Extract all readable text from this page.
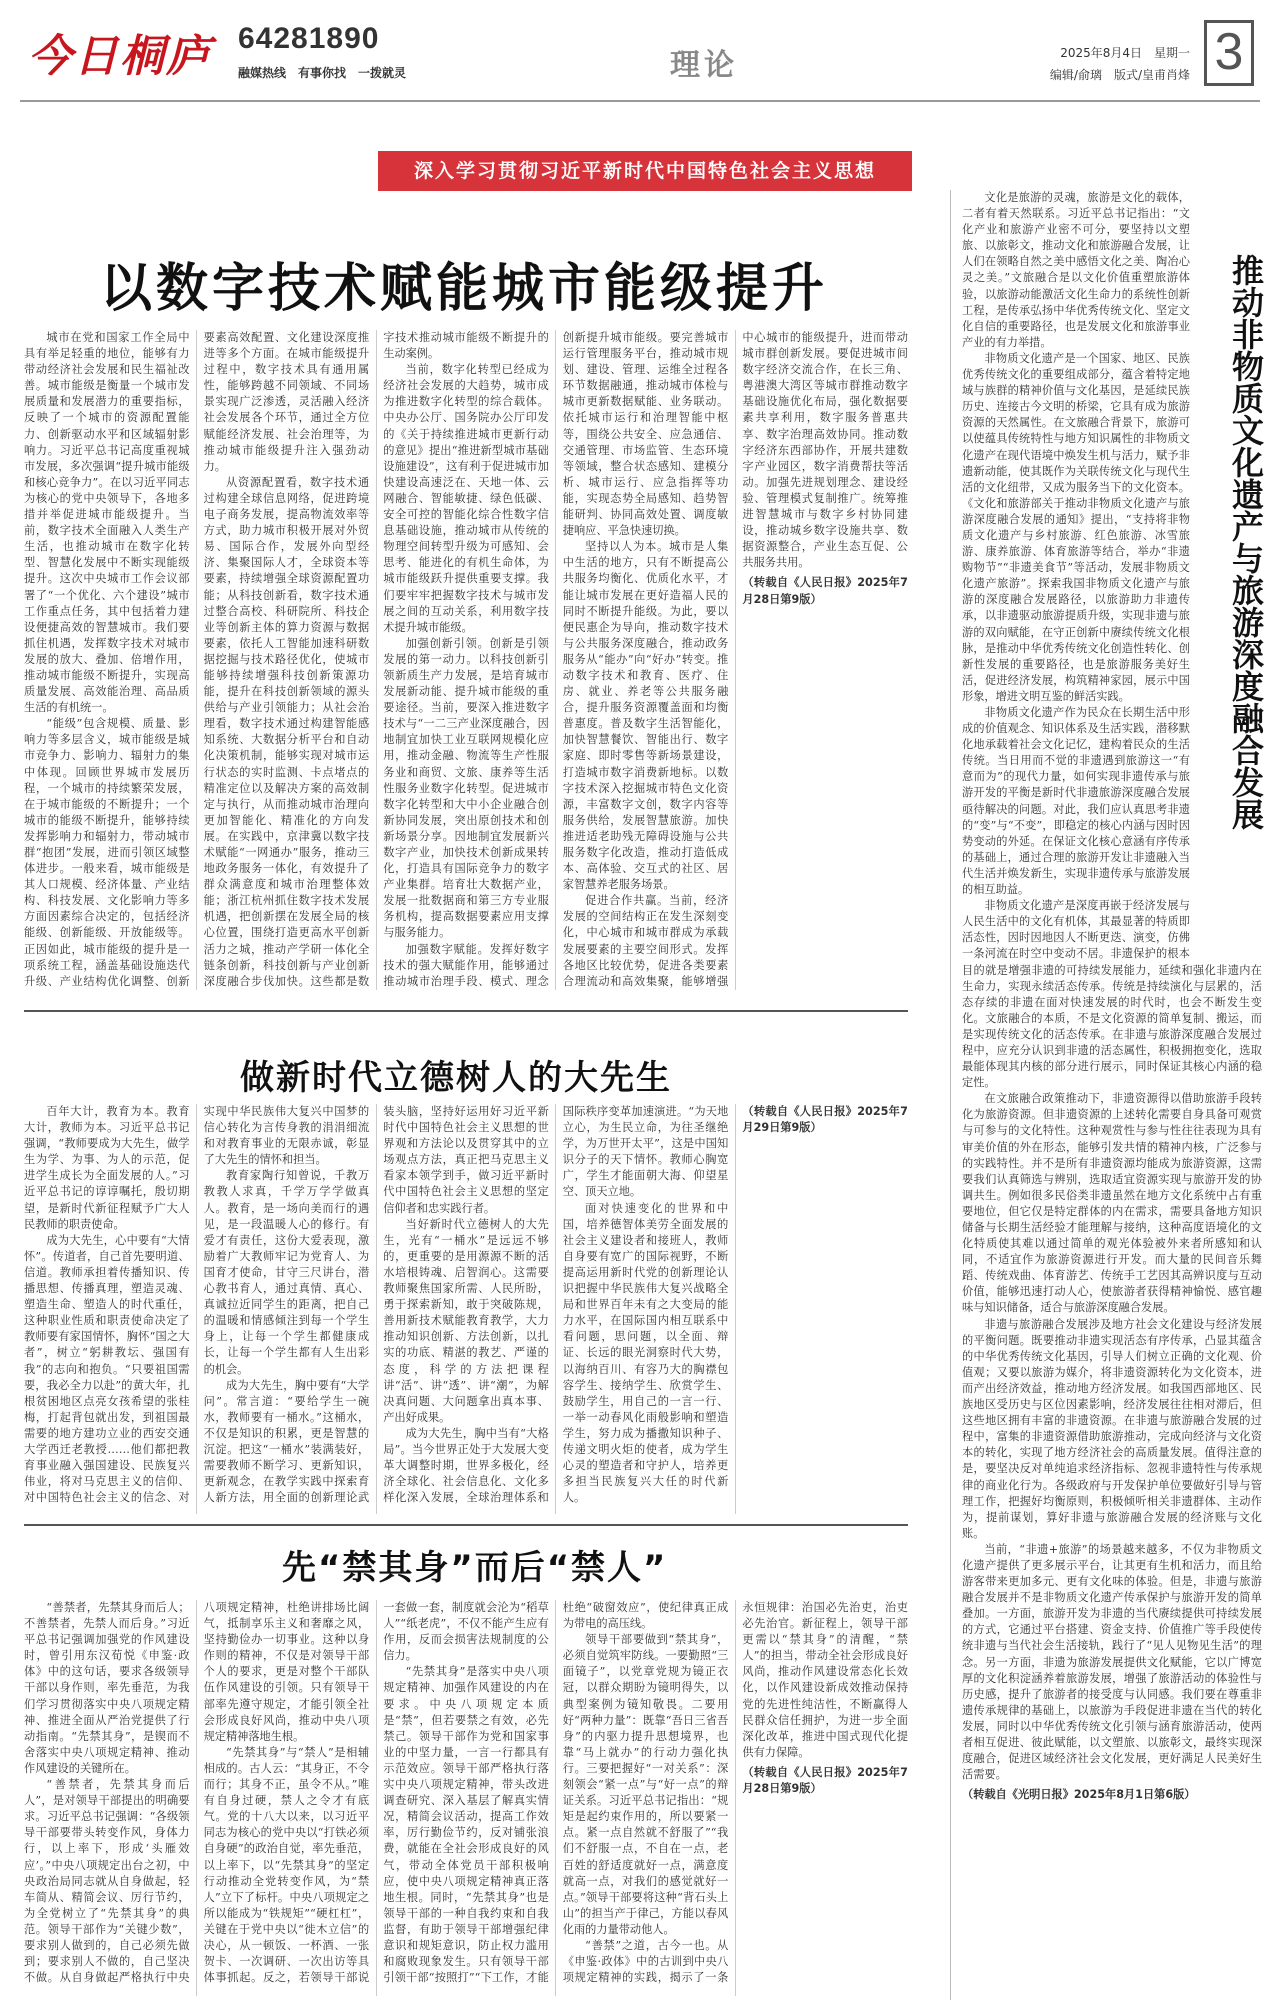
今日桐庐 64281890
融媒热线　有事你找　一拨就灵	理论	2025年8月4日　星期一
编辑/俞璃　版式/皇甫肖烽 3
深入学习贯彻习近平新时代中国特色社会主义思想
以数字技术赋能城市能级提升

城市在党和国家工作全局中具有举足轻重的地位，能够有力带动经济社会发展和民生福祉改善。城市能级是衡量一个城市发展质量和发展潜力的重要指标，反映了一个城市的资源配置能力、创新驱动水平和区域辐射影响力。习近平总书记高度重视城市发展，多次强调“提升城市能级和核心竞争力”。在以习近平同志为核心的党中央领导下，各地多措并举促进城市能级提升。当前，数字技术全面融入人类生产生活，也推动城市在数字化转型、智慧化发展中不断实现能级提升。这次中央城市工作会议部署了“一个优化、六个建设”城市工作重点任务，其中包括着力建设便捷高效的智慧城市。我们要抓住机遇，发挥数字技术对城市发展的放大、叠加、倍增作用，推动城市能级不断提升，实现高质量发展、高效能治理、高品质生活的有机统一。

“能级”包含规模、质量、影响力等多层含义，城市能级是城市竞争力、影响力、辐射力的集中体现。回顾世界城市发展历程，一个城市的持续繁荣发展，在于城市能级的不断提升；一个城市的能级不断提升，能够持续发挥影响力和辐射力，带动城市群“抱团”发展，进而引领区域整体进步。一般来看，城市能级是其人口规模、经济体量、产业结构、科技发展、文化影响力等多方面因素综合决定的，包括经济能级、创新能级、开放能级等。正因如此，城市能级的提升是一项系统工程，涵盖基础设施迭代升级、产业结构优化调整、创新要素高效配置、文化建设深度推进等多个方面。在城市能级提升过程中，数字技术具有通用属性，能够跨越不同领域、不同场景实现广泛渗透，灵活融入经济社会发展各个环节，通过全方位赋能经济发展、社会治理等，为推动城市能级提升注入强劲动力。

从资源配置看，数字技术通过构建全球信息网络，促进跨境电子商务发展，提高物流效率等方式，助力城市积极开展对外贸易、国际合作，发展外向型经济、集聚国际人才，全球资本等要素，持续增强全球资源配置功能；从科技创新看，数字技术通过整合高校、科研院所、科技企业等创新主体的算力资源与数据要素，依托人工智能加速科研数据挖掘与技术路径优化，使城市能够持续增强科技创新策源功能，提升在科技创新领域的源头供给与产业引领能力；从社会治理看，数字技术通过构建智能感知系统、大数据分析平台和自动化决策机制，能够实现对城市运行状态的实时监测、卡点堵点的精准定位以及解决方案的高效制定与执行，从而推动城市治理向更加智能化、精准化的方向发展。在实践中，京津冀以数字技术赋能“一网通办”服务，推动三地政务服务一体化，有效提升了群众满意度和城市治理整体效能；浙江杭州抓住数字技术发展机遇，把创新摆在发展全局的核心位置，围绕打造更高水平创新活力之城，推动产学研一体化全链条创新，科技创新与产业创新深度融合步伐加快。这些都是数字技术推动城市能级不断提升的生动案例。

当前，数字化转型已经成为经济社会发展的大趋势，城市成为推进数字化转型的综合载体。中央办公厅、国务院办公厅印发的《关于持续推进城市更新行动的意见》提出“推进新型城市基础设施建设”，这有利于促进城市加快建设高速泛在、天地一体、云网融合、智能敏捷、绿色低碳、安全可控的智能化综合性数字信息基础设施，推动城市从传统的物理空间转型升级为可感知、会思考、能进化的有机生命体，为城市能级跃升提供重要支撑。我们要牢牢把握数字技术与城市发展之间的互动关系，利用数字技术提升城市能级。

加强创新引领。创新是引领发展的第一动力。以科技创新引领新质生产力发展，是培育城市发展新动能、提升城市能级的重要途径。当前，要深入推进数字技术与“一二三产业深度融合，因地制宜加快工业互联网规模化应用，推动金融、物流等生产性服务业和商贸、文旅、康养等生活性服务业数字化转型。促进城市数字化转型和大中小企业融合创新协同发展，突出原创技术和创新场景分享。因地制宜发展新兴数字产业，加快技术创新成果转化，打造具有国际竞争力的数字产业集群。培育壮大数据产业，发展一批数据商和第三方专业服务机构，提高数据要素应用支撑与服务能力。

加强数字赋能。发挥好数字技术的强大赋能作用，能够通过推动城市治理手段、模式、理念创新提升城市能级。要完善城市运行管理服务平台，推动城市规划、建设、管理、运维全过程各环节数据融通，推动城市体检与城市更新数据赋能、业务联动。依托城市运行和治理智能中枢等，围绕公共安全、应急通信、交通管理、市场监管、生态环境等领域，整合状态感知、建模分析、城市运行、应急指挥等功能，实现态势全局感知、趋势智能研判、协同高效处置、调度敏捷响应、平急快速切换。

坚持以人为本。城市是人集中生活的地方，只有不断提高公共服务均衡化、优质化水平，才能让城市发展在更好造福人民的同时不断提升能级。为此，要以便民惠企为导向，推动数字技术与公共服务深度融合，推动政务服务从“能办”向“好办”转变。推动数字技术和教育、医疗、住房、就业、养老等公共服务融合，提升服务资源覆盖面和均衡普惠度。普及数字生活智能化，加快智慧餐饮、智能出行、数字家庭、即时零售等新场景建设，打造城市数字消费新地标。以数字技术深入挖掘城市特色文化资源，丰富数字文创，数字内容等服务供给，发展智慧旅游。加快推进适老助残无障碍设施与公共服务数字化改造，推动打造低成本、高体验、交互式的社区、居家智慧养老服务场景。

促进合作共赢。当前，经济发展的空间结构正在发生深刻变化，中心城市和城市群成为承载发展要素的主要空间形式。发挥各地区比较优势，促进各类要素合理流动和高效集聚，能够增强中心城市的能级提升，进而带动城市群创新发展。要促进城市间数字经济交流合作，在长三角、粤港澳大湾区等城市群推动数字基础设施优化布局，强化数据要素共享利用，数字服务普惠共享、数字治理高效协同。推动数字经济东西部协作，开展共建数字产业园区，数字消费帮扶等活动。加强先进规划理念、建设经验、管理模式复制推广。统筹推进智慧城市与数字乡村协同建设，推动城乡数字设施共享、数据资源整合，产业生态互促、公共服务共用。

（转载自《人民日报》2025年7月28日第9版）

做新时代立德树人的大先生

百年大计，教育为本。教育大计，教师为本。习近平总书记强调，“教师要成为大先生，做学生为学、为事、为人的示范，促进学生成长为全面发展的人。”习近平总书记的谆谆嘱托，殷切期望，是新时代新征程赋予广大人民教师的职责使命。

成为大先生，心中要有“大情怀”。传道者，自己首先要明道、信道。教师承担着传播知识、传播思想、传播真理，塑造灵魂、塑造生命、塑造人的时代重任，这种职业性质和职责使命决定了教师要有家国情怀，胸怀“国之大者”，树立“躬耕教坛、强国有我”的志向和抱负。“只要祖国需要，我必全力以赴”的黄大年，扎根贫困地区点亮女孩希望的张桂梅，打起背包就出发，到祖国最需要的地方建功立业的西安交通大学西迁老教授……他们都把教育事业融入强国建设、民族复兴伟业，将对马克思主义的信仰、对中国特色社会主义的信念、对实现中华民族伟大复兴中国梦的信心转化为言传身教的涓涓细流和对教育事业的无限赤诚，彰显了大先生的情怀和担当。

教育家陶行知曾说，千教万教教人求真，千学万学学做真人。教育，是一场向美而行的遇见，是一段温暖人心的修行。有爱才有责任，这份大爱表现，激励着广大教师牢记为党育人、为国育才使命，甘守三尺讲台，潜心教书育人，通过真情、真心、真诚拉近同学生的距离，把自己的温暖和情感倾注到每一个学生身上，让每一个学生都健康成长，让每一个学生都有人生出彩的机会。

成为大先生，胸中要有“大学问”。常言道：“要给学生一碗水，教师要有一桶水。”这桶水，不仅是知识的积累，更是智慧的沉淀。把这“一桶水”装满装好，需要教师不断学习、更新知识，更新观念，在教学实践中探索育人新方法，用全面的创新理论武装头脑，坚持好运用好习近平新时代中国特色社会主义思想的世界观和方法论以及贯穿其中的立场观点方法，真正把马克思主义看家本领学到手，做习近平新时代中国特色社会主义思想的坚定信仰者和忠实践行者。

当好新时代立德树人的大先生，光有“一桶水”是远远不够的，更重要的是用源源不断的活水培根铸魂、启智润心。这需要教师聚焦国家所需、人民所盼，勇于探索新知，敢于突破陈规，善用新技术赋能教育教学，大力推动知识创新、方法创新，以扎实的功底、精湛的教艺、严谨的态度，科学的方法把课程讲“活”、讲“透”、讲“潮”，为解决真问题、大问题拿出真本事、产出好成果。

成为大先生，胸中当有“大格局”。当今世界正处于大发展大变革大调整时期，世界多极化，经济全球化、社会信息化、文化多样化深入发展，全球治理体系和国际秩序变革加速演进。“为天地立心，为生民立命，为往圣继绝学，为万世开太平”，这是中国知识分子的天下情怀。教师心胸宽广，学生才能面朝大海、仰望星空、顶天立地。

面对快速变化的世界和中国，培养德智体美劳全面发展的社会主义建设者和接班人，教师自身要有宽广的国际视野，不断提高运用新时代党的创新理论认识把握中华民族伟大复兴战略全局和世界百年未有之大变局的能力水平，在国际国内相互联系中看问题，思问题，以全面、辩证、长远的眼光洞察时代大势，以海纳百川、有容乃大的胸襟包容学生、接纳学生、欣赏学生、鼓励学生，用自己的一言一行、一举一动春风化雨般影响和塑造学生，努力成为播撒知识种子、传递文明火炬的使者，成为学生心灵的塑造者和守护人，培养更多担当民族复兴大任的时代新人。

（转载自《人民日报》2025年7月29日第9版）

先“禁其身”而后“禁人”

“善禁者，先禁其身而后人；不善禁者，先禁人而后身。”习近平总书记强调加强党的作风建设时，曾引用东汉荀悦《申鉴·政体》中的这句话，要求各级领导干部以身作则，率先垂范，为我们学习贯彻落实中央八项规定精神、推进全面从严治党提供了行动指南。“先禁其身”，是锲而不舍落实中央八项规定精神、推动作风建设的关键所在。

“善禁者，先禁其身而后人”，是对领导干部提出的明确要求。习近平总书记强调：“各级领导干部要带头转变作风，身体力行，以上率下，形成‘头雁效应’。”中央八项规定出台之初，中央政治局同志就从自身做起，轻车简从、精简会议、厉行节约，为全党树立了“先禁其身”的典范。领导干部作为“关键少数”，要求别人做到的，自己必须先做到；要求别人不做的，自己坚决不做。从自身做起严格执行中央八项规定精神，杜绝讲排场比阔气，抵制享乐主义和奢靡之风，坚持勤俭办一切事业。这种以身作则的精神，不仅是对领导干部个人的要求，更是对整个干部队伍作风建设的引领。只有领导干部率先遵守规定，才能引领全社会形成良好风尚，推动中央八项规定精神落地生根。

“先禁其身”与“禁人”是相辅相成的。古人云：“其身正，不令而行；其身不正，虽令不从。”唯有自身过硬，禁人之令才有底气。党的十八大以来，以习近平同志为核心的党中央以“打铁必须自身硬”的政治自觉，率先垂范，以上率下，以“先禁其身”的坚定行动推动全党转变作风，为“禁人”立下了标杆。中央八项规定之所以能成为“铁规矩”“硬杠杠”，关键在于党中央以“徙木立信”的决心，从一顿饭、一杯酒、一张贺卡、一次调研、一次出访等具体事抓起。反之，若领导干部说一套做一套，制度就会沦为“稻草人”“纸老虎”，不仅不能产生应有作用，反而会损害法规制度的公信力。

“先禁其身”是落实中央八项规定精神、加强作风建设的内在要求。中央八项规定本质是“禁”，但若要禁之有效，必先禁己。领导干部作为党和国家事业的中坚力量，一言一行都具有示范效应。领导干部严格执行落实中央八项规定精神，带头改进调查研究、深入基层了解真实情况，精简会议活动，提高工作效率，厉行勤俭节约，反对铺张浪费，就能在全社会形成良好的风气，带动全体党员干部积极响应，使中央八项规定精神真正落地生根。同时，“先禁其身”也是领导干部的一种自我约束和自我监督，有助于领导干部增强纪律意识和规矩意识，防止权力滥用和腐败现象发生。只有领导干部引领干部“按照打”“下工作，才能杜绝“破窗效应”，使纪律真正成为带电的高压线。

领导干部要做到“禁其身”，必须自觉筑牢防线。一要勤照“三面镜子”，以党章党规为镜正衣冠，以群众期盼为镜明得失，以典型案例为镜知敬畏。二要用好“两种力量”：既靠“吾日三省吾身”的内驱力提升思想境界，也靠“马上就办”的行动力强化执行。三要把握好“一对关系”：深刻领会“紧一点”与“好一点”的辩证关系。习近平总书记指出：“规矩是起约束作用的，所以要紧一点。紧一点自然就不舒服了”“我们不舒服一点，不自在一点，老百姓的舒适度就好一点，满意度就高一点，对我们的感觉就好一点。”领导干部要将这种“背石头上山”的担当产于律己，方能以春风化雨的力量带动他人。

“善禁”之道，古今一也。从《申鉴·政体》中的古训到中央八项规定精神的实践，揭示了一条永恒规律：治国必先治吏，治吏必先治官。新征程上，领导干部更需以“禁其身”的清醒，“禁人”的担当，带动全社会形成良好风尚，推动作风建设常态化长效化，以作风建设新成效推动保持党的先进性纯洁性，不断赢得人民群众信任拥护，为进一步全面深化改革，推进中国式现代化提供有力保障。

（转载自《人民日报》2025年7月28日第9版）

文化是旅游的灵魂，旅游是文化的载体，二者有着天然联系。习近平总书记指出：“文化产业和旅游产业密不可分，要坚持以文塑旅、以旅彰文，推动文化和旅游融合发展，让人们在领略自然之美中感悟文化之美、陶冶心灵之美。”文旅融合是以文化价值重塑旅游体验，以旅游动能激活文化生命力的系统性创新工程，是传承弘扬中华优秀传统文化、坚定文化自信的重要路径，也是发展文化和旅游事业产业的有力举措。

非物质文化遗产是一个国家、地区、民族优秀传统文化的重要组成部分，蕴含着特定地域与族群的精神价值与文化基因，是延续民族历史、连接古今文明的桥梁，它具有成为旅游资源的天然属性。在文旅融合背景下，旅游可以使蕴具传统特性与地方知识属性的非物质文化遗产在现代语境中焕发生机与活力，赋予非遗新动能，使其既作为关联传统文化与现代生活的文化纽带，又成为服务当下的文化资本。《文化和旅游部关于推动非物质文化遗产与旅游深度融合发展的通知》提出，“支持将非物质文化遗产与乡村旅游、红色旅游、冰雪旅游、康养旅游、体育旅游等结合，举办“非遗购物节”“非遗美食节”等活动，发展非物质文化遗产旅游”。探索我国非物质文化遗产与旅游的深度融合发展路径，以旅游助力非遗传承，以非遗驱动旅游提质升级，实现非遗与旅游的双向赋能，在守正创新中赓续传统文化根脉，是推动中华优秀传统文化创造性转化、创新性发展的重要路径，也是旅游服务美好生活，促进经济发展，构筑精神家园，展示中国形象，增进文明互鉴的鲜活实践。

非物质文化遗产作为民众在长期生活中形成的价值观念、知识体系及生活实践，潜移默化地承载着社会文化记忆，建构着民众的生活传统。当日用而不觉的非遗遇到旅游这一“有意而为”的现代力量，如何实现非遗传承与旅游开发的平衡是新时代非遗旅游深度融合发展亟待解决的问题。对此，我们应认真思考非遗的“变”与“不变”，即稳定的核心内涵与因时因势变动的外延。在保证文化核心意涵有序传承的基础上，通过合理的旅游开发让非遗融入当代生活并焕发新生，实现非遗传承与旅游发展的相互助益。

非物质文化遗产是深度再嵌于经济发展与人民生活中的文化有机体，其最显著的特质即活态性，因时因地因人不断更迭、演变，仿佛一条河流在时空中变动不居。非遗保护的根本目的就是增强非遗的可持续发展能力，延续和强化非遗内在生命力，实现永续活态传承。传统是持续演化与层累的，活态存续的非遗在面对快速发展的时代时，也会不断发生变化。文旅融合的本质，不是文化资源的简单复制、搬运，而是实现传统文化的活态传承。在非遗与旅游深度融合发展过程中，应充分认识到非遗的活态属性，积极拥抱变化，选取最能体现其内核的部分进行展示，同时保证其核心内涵的稳定性。

在文旅融合政策推动下，非遗资源得以借助旅游手段转化为旅游资源。但非遗资源的上述转化需要自身具备可观赏与可参与的文化特性。这种观赏性与参与性往往表现为具有审美价值的外在形态，能够引发共情的精神内核，广泛参与的实践特性。并不是所有非遗资源均能成为旅游资源，这需要我们认真筛选与辨别，选取适宜资源实现与旅游开发的协调共生。例如很多民俗类非遗虽然在地方文化系统中占有重要地位，但它仅是特定群体的内在需求，需要具备地方知识储备与长期生活经验才能理解与接纳，这种高度语境化的文化特质使其难以通过简单的观光体验被外来者所感知和认同，不适宜作为旅游资源进行开发。而大量的民间音乐舞蹈、传统戏曲、体育游艺、传统手工艺因其高辨识度与互动价值，能够迅速打动人心，使旅游者获得精神愉悦、感官趣味与知识储备，适合与旅游深度融合发展。

非遗与旅游融合发展涉及地方社会文化建设与经济发展的平衡问题。既要推动非遗实现活态有序传承，凸显其蕴含的中华优秀传统文化基因，引导人们树立正确的文化观、价值观；又要以旅游为媒介，将非遗资源转化为文化资本，进而产出经济效益，推动地方经济发展。如我国西部地区、民族地区受历史与区位因素影响，经济发展往往相对滞后，但这些地区拥有丰富的非遗资源。在非遗与旅游融合发展的过程中，富集的非遗资源借助旅游推动，完成向经济与文化资本的转化，实现了地方经济社会的高质量发展。值得注意的是，要坚决反对单纯追求经济指标、忽视非遗特性与传承规律的商业化行为。各级政府与开发保护单位要做好引导与管理工作，把握好均衡原则，积极倾听相关非遗群体、主动作为，提前谋划，算好非遗与旅游融合发展的经济账与文化账。

当前，“非遗+旅游”的场景越来越多，不仅为非物质文化遗产提供了更多展示平台，让其更有生机和活力，而且给游客带来更加多元、更有文化味的体验。但是，非遗与旅游融合发展并不是非物质文化遗产传承保护与旅游开发的简单叠加。一方面，旅游开发为非遗的当代赓续提供可持续发展的方式，它通过平台搭建、资金支持、价值推广等手段使传统非遗与当代社会生活接轨，践行了“见人见物见生活”的理念。另一方面，非遗为旅游发展提供文化赋能，它以广博宽厚的文化积淀涵养着旅游发展，增强了旅游活动的体验性与历史感，提升了旅游者的接受度与认同感。我们要在尊重非遗传承规律的基础上，以旅游为手段促进非遗在当代的转化发展，同时以中华优秀传统文化引领与涵育旅游活动，使两者相互促进、彼此赋能，以文塑旅、以旅彰文，最终实现深度融合，促进区域经济社会文化发展，更好满足人民美好生活需要。

（转载自《光明日报》2025年8月1日第6版）

推动非物质文化遗产与旅游深度融合发展
